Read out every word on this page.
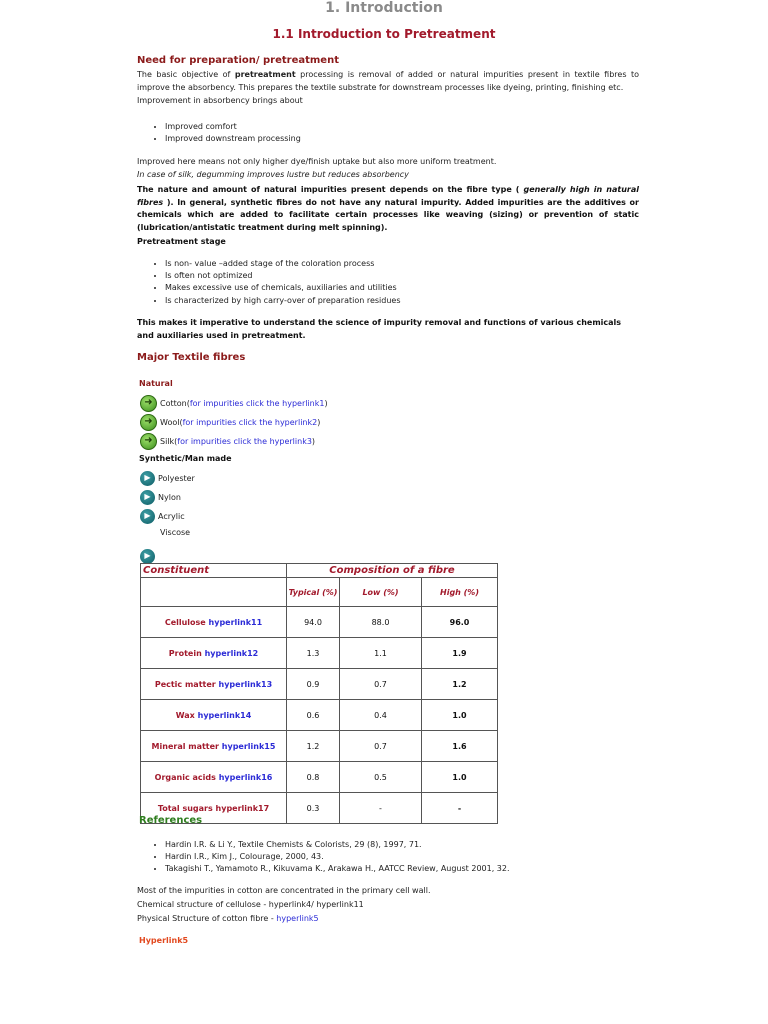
1. Introduction
1.1 Introduction to Pretreatment
Need for preparation/ pretreatment
The basic objective of pretreatment processing is removal of added or natural impurities present in textile fibres to improve the absorbency. This prepares the textile substrate for downstream processes like dyeing, printing, finishing etc.
Improvement in absorbency brings about
• Improved comfort
• Improved downstream processing
Improved here means not only higher dye/finish uptake but also more uniform treatment.
In case of silk, degumming improves lustre but reduces absorbency
The nature and amount of natural impurities present depends on the fibre type ( generally high in natural fibres ). In general, synthetic fibres do not have any natural impurity. Added impurities are the additives or chemicals which are added to facilitate certain processes like weaving (sizing) or prevention of static (lubrication/antistatic treatment during melt spinning).
Pretreatment stage
• Is non- value –added stage of the coloration process
• Is often not optimized
• Makes excessive use of chemicals, auxiliaries and utilities
• Is characterized by high carry-over of preparation residues
This makes it imperative to understand the science of impurity removal and functions of various chemicals and auxiliaries used in pretreatment.
Major Textile fibres
Natural
➜ Cotton ( for impurities click the hyperlink1 )
➜ Wool ( for impurities click the hyperlink2 )
➜ Silk ( for impurities click the hyperlink3 )
Synthetic/Man made
▶ Polyester
▶ Nylon
▶ Acrylic
Viscose
▶
Constituent	Composition of a fibre		
	Typical (%)	Low (%)	High (%)
Cellulose hyperlink11	94.0	88.0	96.0
Protein hyperlink12	1.3	1.1	1.9
Pectic matter hyperlink13	0.9	0.7	1.2
Wax hyperlink14	0.6	0.4	1.0
Mineral matter hyperlink15	1.2	0.7	1.6
Organic acids hyperlink16	0.8	0.5	1.0
Total sugars hyperlink17	0.3	-	-
References
• Hardin I.R. & Li Y., Textile Chemists & Colorists, 29 (8), 1997, 71.
• Hardin I.R., Kim J., Colourage, 2000, 43.
• Takagishi T., Yamamoto R., Kikuvama K., Arakawa H., AATCC Review, August 2001, 32.
Most of the impurities in cotton are concentrated in the primary cell wall.
Chemical structure of cellulose - hyperlink4/ hyperlink11
Physical Structure of cotton fibre - hyperlink5
Hyperlink5
